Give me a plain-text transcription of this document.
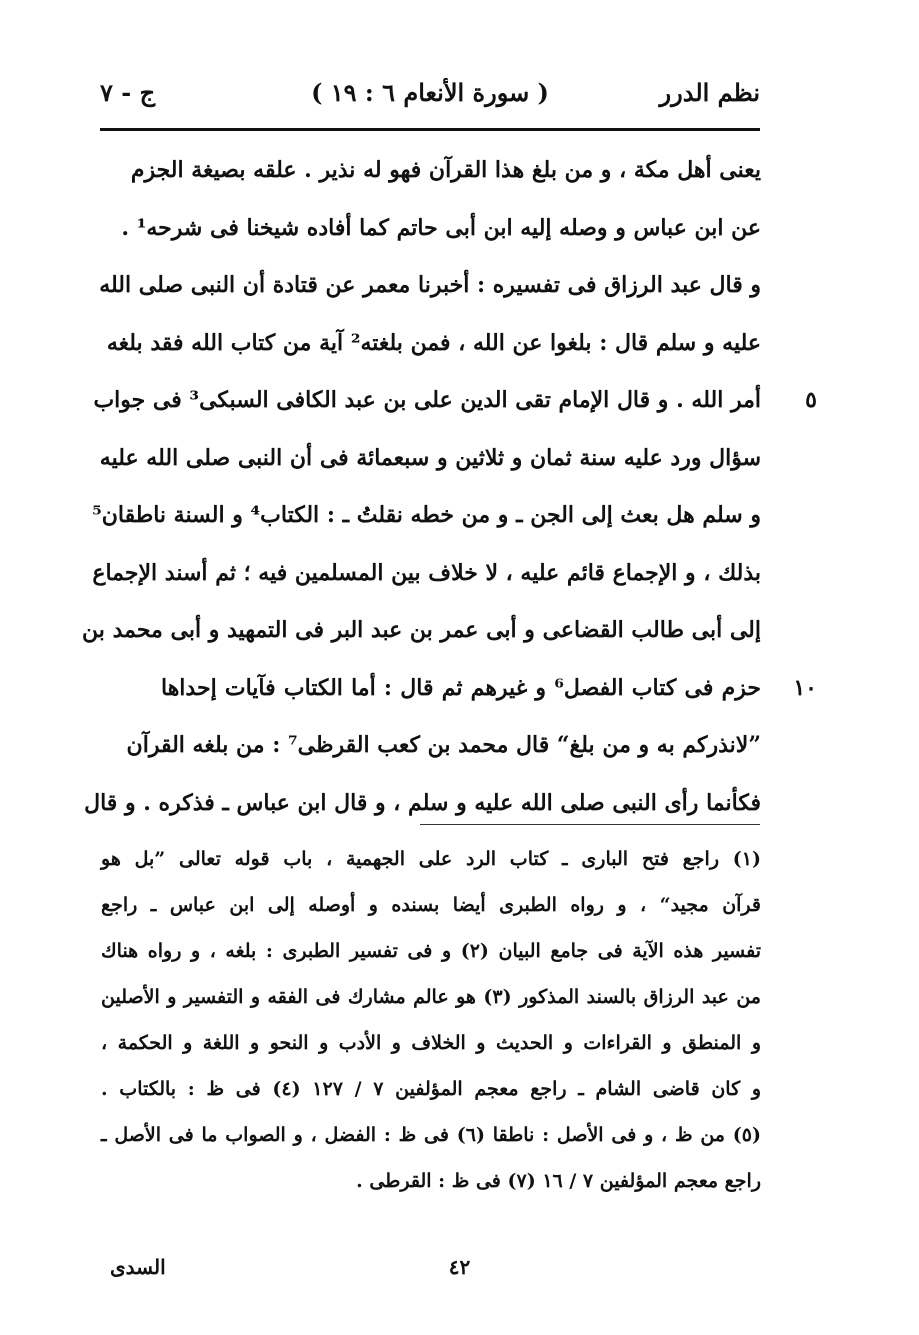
نظم الدرر
( سورة الأنعام ٦ : ١٩ )
ج - ٧
يعنى أهل مكة ، و من بلغ هذا القرآن فهو له نذير . علقه بصيغة الجزم
عن ابن عباس و وصله إليه ابن أبى حاتم كما أفاده شيخنا فى شرحه¹ .
و قال عبد الرزاق فى تفسيره : أخبرنا معمر عن قتادة أن النبى صلى الله
عليه و سلم قال : بلغوا عن الله ، فمن بلغته² آية من كتاب الله فقد بلغه
٥
أمر الله . و قال الإمام تقى الدين على بن عبد الكافى السبكى³ فى جواب
سؤال ورد عليه سنة ثمان و ثلاثين و سبعمائة فى أن النبى صلى الله عليه
و سلم هل بعث إلى الجن ـ و من خطه نقلتُ ـ : الكتاب⁴ و السنة ناطقان⁵
بذلك ، و الإجماع قائم عليه ، لا خلاف بين المسلمين فيه ؛ ثم أسند الإجماع
إلى أبى طالب القضاعى و أبى عمر بن عبد البر فى التمهيد و أبى محمد بن
١٠
حزم فى كتاب الفصل⁶ و غيرهم ثم قال : أما الكتاب فآيات إحداها
”لانذركم به و من بلغ“ قال محمد بن كعب القرظى⁷ : من بلغه القرآن
فكأنما رأى النبى صلى الله عليه و سلم ، و قال ابن عباس ـ فذكره . و قال
(١) راجع فتح البارى ـ كتاب الرد على الجهمية ، باب قوله تعالى ”بل هو
قرآن مجيد“ ، و رواه الطبرى أيضا بسنده و أوصله إلى ابن عباس ـ راجع
تفسير هذه الآية فى جامع البيان (٢) و فى تفسير الطبرى : بلغه ، و رواه هناك
من عبد الرزاق بالسند المذكور (٣) هو عالم مشارك فى الفقه و التفسير و الأصلين
و المنطق و القراءات و الحديث و الخلاف و الأدب و النحو و اللغة و الحكمة ،
و كان قاضى الشام ـ راجع معجم المؤلفين ٧ / ١٢٧ (٤) فى ظ : بالكتاب .
(٥) من ظ ، و فى الأصل : ناطقا (٦) فى ظ : الفضل ، و الصواب ما فى الأصل ـ
راجع معجم المؤلفين ٧ / ١٦ (٧) فى ظ : القرطى .
٤٢
السدى
